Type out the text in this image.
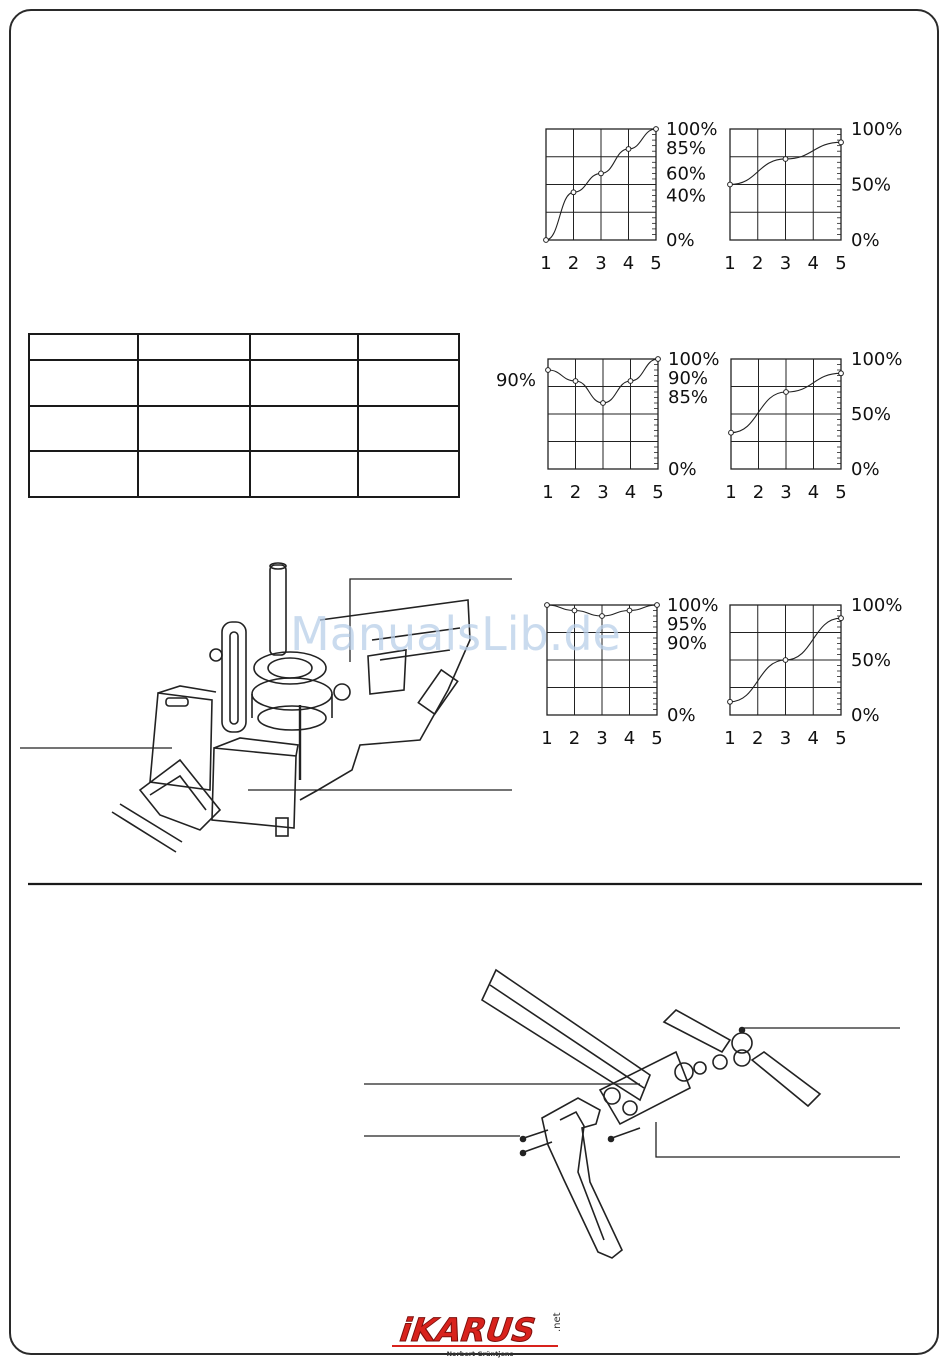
1 2 3 4 5
100%
85%
60%
40%
0%
1 2 3 4 5
100%
50%
0%
1 2 3 4 5
100%
90%
85%
0%
90%
1 2 3 4 5
100%
50%
0%
1 2 3 4 5
100%
95%
90%
0%
1 2 3 4 5
100%
50%
0%
ManualsLib.de
iKARUS .net
Norbert Grüntjens
